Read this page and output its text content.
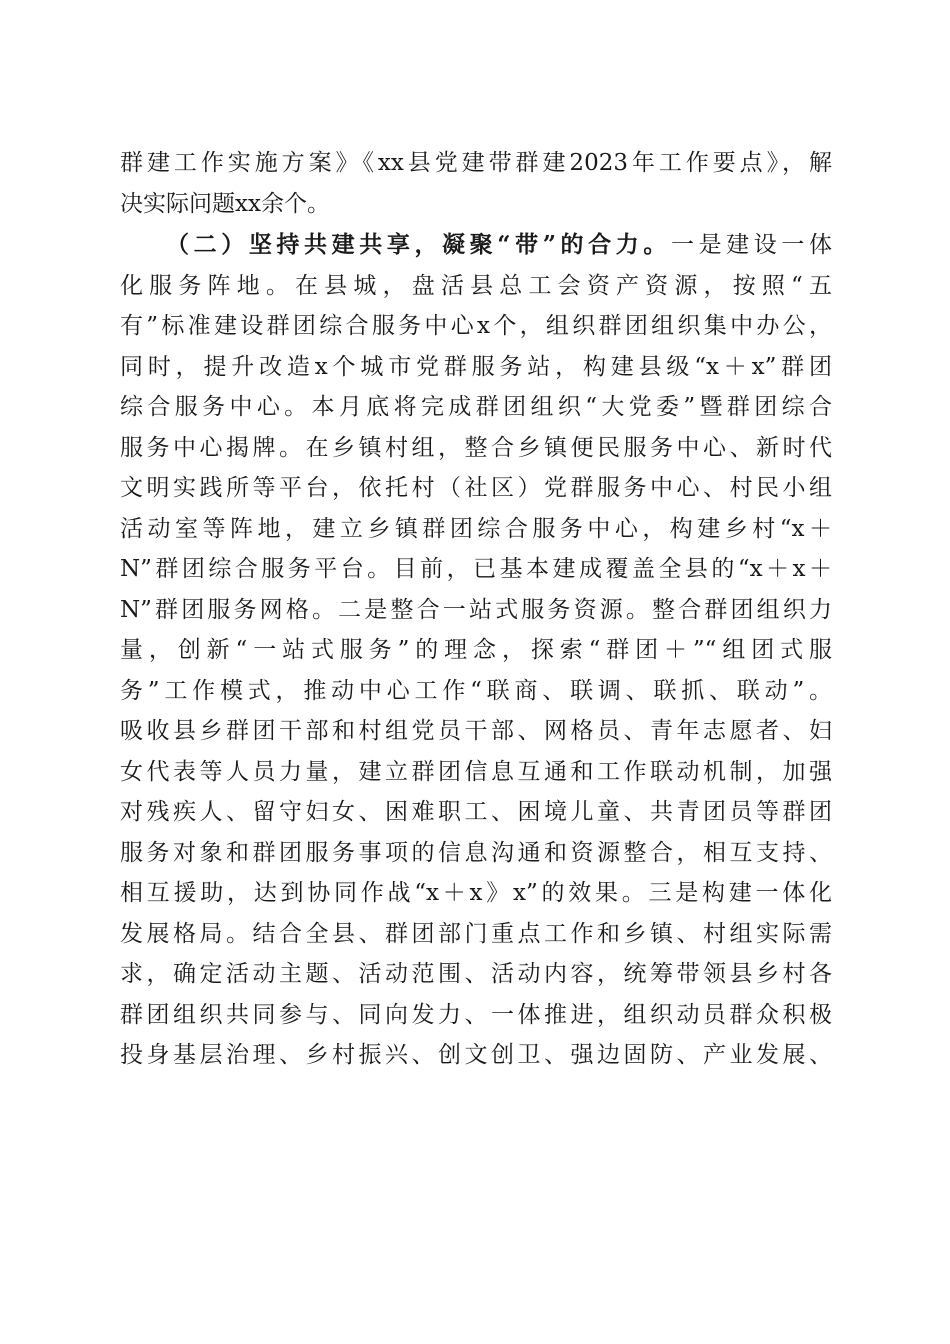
群建工作实施方案》《xx县党建带群建2023年工作要点》，解
决实际问题xx余个。
（二）坚持共建共享，凝聚“带”的合力。一是建设一体
化服务阵地。在县城，盘活县总工会资产资源，按照“五
有”标准建设群团综合服务中心x个，组织群团组织集中办公，
同时，提升改造x个城市党群服务站，构建县级“x＋x”群团
综合服务中心。本月底将完成群团组织“大党委”暨群团综合
服务中心揭牌。在乡镇村组，整合乡镇便民服务中心、新时代
文明实践所等平台，依托村（社区）党群服务中心、村民小组
活动室等阵地，建立乡镇群团综合服务中心，构建乡村“x＋
N”群团综合服务平台。目前，已基本建成覆盖全县的“x＋x＋
N”群团服务网格。二是整合一站式服务资源。整合群团组织力
量，创新“一站式服务”的理念，探索“群团＋”“组团式服
务”工作模式，推动中心工作“联商、联调、联抓、联动”。
吸收县乡群团干部和村组党员干部、网格员、青年志愿者、妇
女代表等人员力量，建立群团信息互通和工作联动机制，加强
对残疾人、留守妇女、困难职工、困境儿童、共青团员等群团
服务对象和群团服务事项的信息沟通和资源整合，相互支持、
相互援助，达到协同作战“x＋x》x”的效果。三是构建一体化
发展格局。结合全县、群团部门重点工作和乡镇、村组实际需
求，确定活动主题、活动范围、活动内容，统筹带领县乡村各
群团组织共同参与、同向发力、一体推进，组织动员群众积极
投身基层治理、乡村振兴、创文创卫、强边固防、产业发展、
